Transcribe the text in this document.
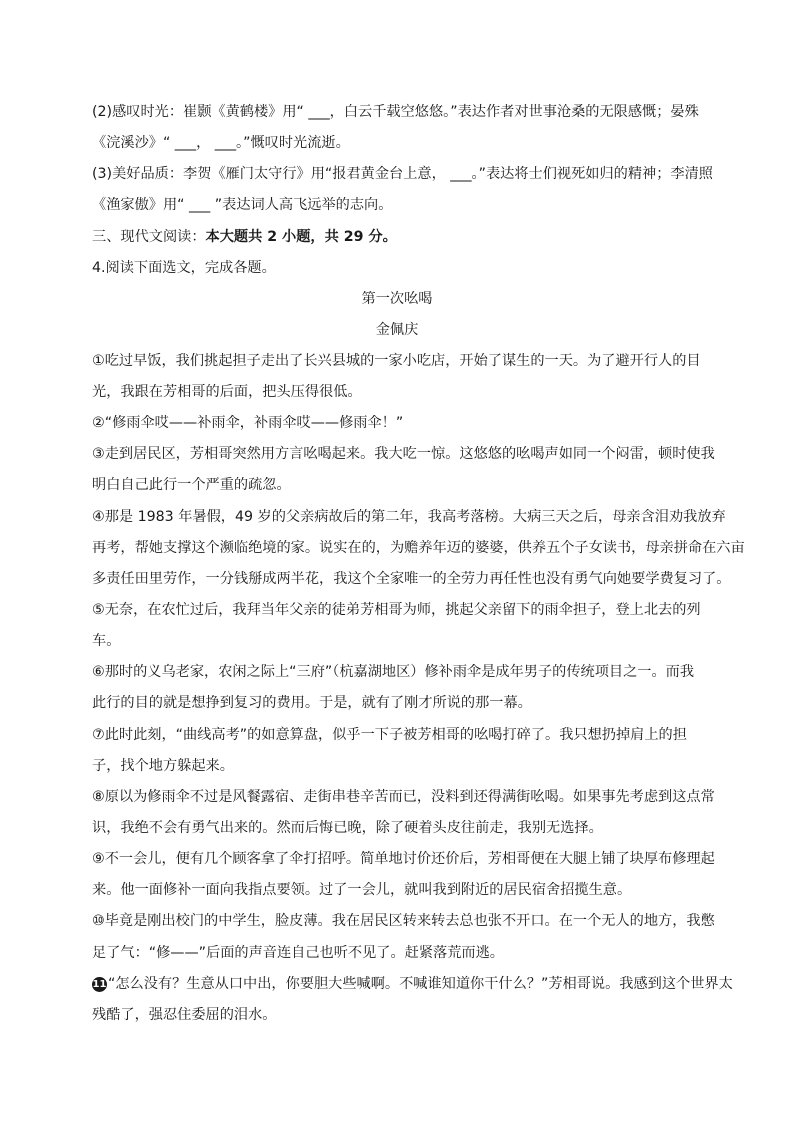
(2)感叹时光：崔颢《黄鹤楼》用“ ___，白云千载空悠悠。”表达作者对世事沧桑的无限感慨；晏殊
《浣溪沙》“ ___， ___。”慨叹时光流逝。
(3)美好品质：李贺《雁门太守行》用“报君黄金台上意， ___。”表达将士们视死如归的精神；李清照
《渔家傲》用“ ___ ”表达词人高飞远举的志向。
三、现代文阅读：本大题共 2 小题，共 29 分。
4.阅读下面选文，完成各题。
第一次吆喝
金佩庆
①吃过早饭，我们挑起担子走出了长兴县城的一家小吃店，开始了谋生的一天。为了避开行人的目
光，我跟在芳相哥的后面，把头压得很低。
②“修雨伞哎——补雨伞，补雨伞哎——修雨伞！”
③走到居民区，芳相哥突然用方言吆喝起来。我大吃一惊。这悠悠的吆喝声如同一个闷雷，顿时使我
明白自己此行一个严重的疏忽。
④那是 1983 年暑假，49 岁的父亲病故后的第二年，我高考落榜。大病三天之后，母亲含泪劝我放弃
再考，帮她支撑这个濒临绝境的家。说实在的，为赡养年迈的婆婆，供养五个子女读书，母亲拼命在六亩
多责任田里劳作，一分钱掰成两半花，我这个全家唯一的全劳力再任性也没有勇气向她要学费复习了。
⑤无奈，在农忙过后，我拜当年父亲的徒弟芳相哥为师，挑起父亲留下的雨伞担子，登上北去的列
车。
⑥那时的义乌老家，农闲之际上“三府”（杭嘉湖地区）修补雨伞是成年男子的传统项目之一。而我
此行的目的就是想挣到复习的费用。于是，就有了刚才所说的那一幕。
⑦此时此刻，“曲线高考”的如意算盘，似乎一下子被芳相哥的吆喝打碎了。我只想扔掉肩上的担
子，找个地方躲起来。
⑧原以为修雨伞不过是风餐露宿、走街串巷辛苦而已，没料到还得满街吆喝。如果事先考虑到这点常
识，我绝不会有勇气出来的。然而后悔已晚，除了硬着头皮往前走，我别无选择。
⑨不一会儿，便有几个顾客拿了伞打招呼。简单地讨价还价后，芳相哥便在大腿上铺了块厚布修理起
来。他一面修补一面向我指点要领。过了一会儿，就叫我到附近的居民宿舍招揽生意。
⑩毕竟是刚出校门的中学生，脸皮薄。我在居民区转来转去总也张不开口。在一个无人的地方，我憋
足了气：“修——”后面的声音连自己也听不见了。赶紧落荒而逃。
11 “怎么没有？生意从口中出，你要胆大些喊啊。不喊谁知道你干什么？”芳相哥说。我感到这个世界太
残酷了，强忍住委屈的泪水。
